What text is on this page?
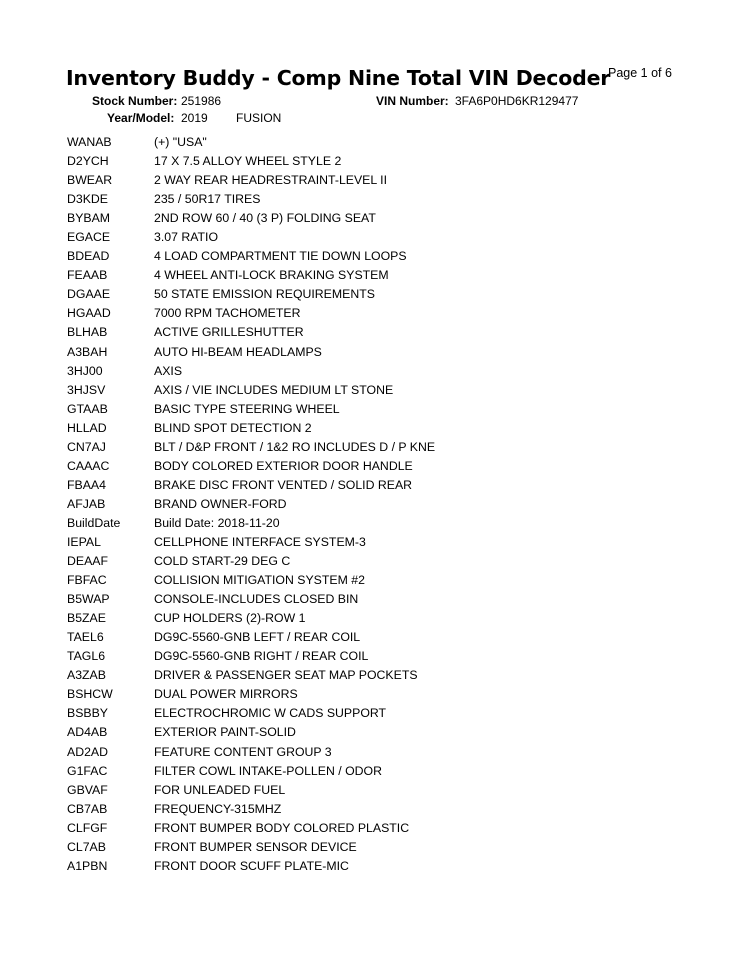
Inventory Buddy - Comp Nine Total VIN Decoder
Page 1 of 6
Stock Number: 251986	VIN Number: 3FA6P0HD6KR129477
Year/Model: 2019 FUSION
WANAB	(+) "USA"
D2YCH	17 X 7.5 ALLOY WHEEL STYLE 2
BWEAR	2 WAY REAR HEADRESTRAINT-LEVEL II
D3KDE	235 / 50R17 TIRES
BYBAM	2ND ROW 60 / 40 (3 P) FOLDING SEAT
EGACE	3.07 RATIO
BDEAD	4 LOAD COMPARTMENT TIE DOWN LOOPS
FEAAB	4 WHEEL ANTI-LOCK BRAKING SYSTEM
DGAAE	50 STATE EMISSION REQUIREMENTS
HGAAD	7000 RPM TACHOMETER
BLHAB	ACTIVE GRILLESHUTTER
A3BAH	AUTO HI-BEAM HEADLAMPS
3HJ00	AXIS
3HJSV	AXIS / VIE INCLUDES MEDIUM LT STONE
GTAAB	BASIC TYPE STEERING WHEEL
HLLAD	BLIND SPOT DETECTION 2
CN7AJ	BLT / D&P FRONT / 1&2 RO INCLUDES D / P KNE
CAAAC	BODY COLORED EXTERIOR DOOR HANDLE
FBAA4	BRAKE DISC FRONT VENTED / SOLID REAR
AFJAB	BRAND OWNER-FORD
BuildDate	Build Date: 2018-11-20
IEPAL	CELLPHONE INTERFACE SYSTEM-3
DEAAF	COLD START-29 DEG C
FBFAC	COLLISION MITIGATION SYSTEM #2
B5WAP	CONSOLE-INCLUDES CLOSED BIN
B5ZAE	CUP HOLDERS (2)-ROW 1
TAEL6	DG9C-5560-GNB LEFT / REAR COIL
TAGL6	DG9C-5560-GNB RIGHT / REAR COIL
A3ZAB	DRIVER & PASSENGER SEAT MAP POCKETS
BSHCW	DUAL POWER MIRRORS
BSBBY	ELECTROCHROMIC W CADS SUPPORT
AD4AB	EXTERIOR PAINT-SOLID
AD2AD	FEATURE CONTENT GROUP 3
G1FAC	FILTER COWL INTAKE-POLLEN / ODOR
GBVAF	FOR UNLEADED FUEL
CB7AB	FREQUENCY-315MHZ
CLFGF	FRONT BUMPER BODY COLORED PLASTIC
CL7AB	FRONT BUMPER SENSOR DEVICE
A1PBN	FRONT DOOR SCUFF PLATE-MIC
